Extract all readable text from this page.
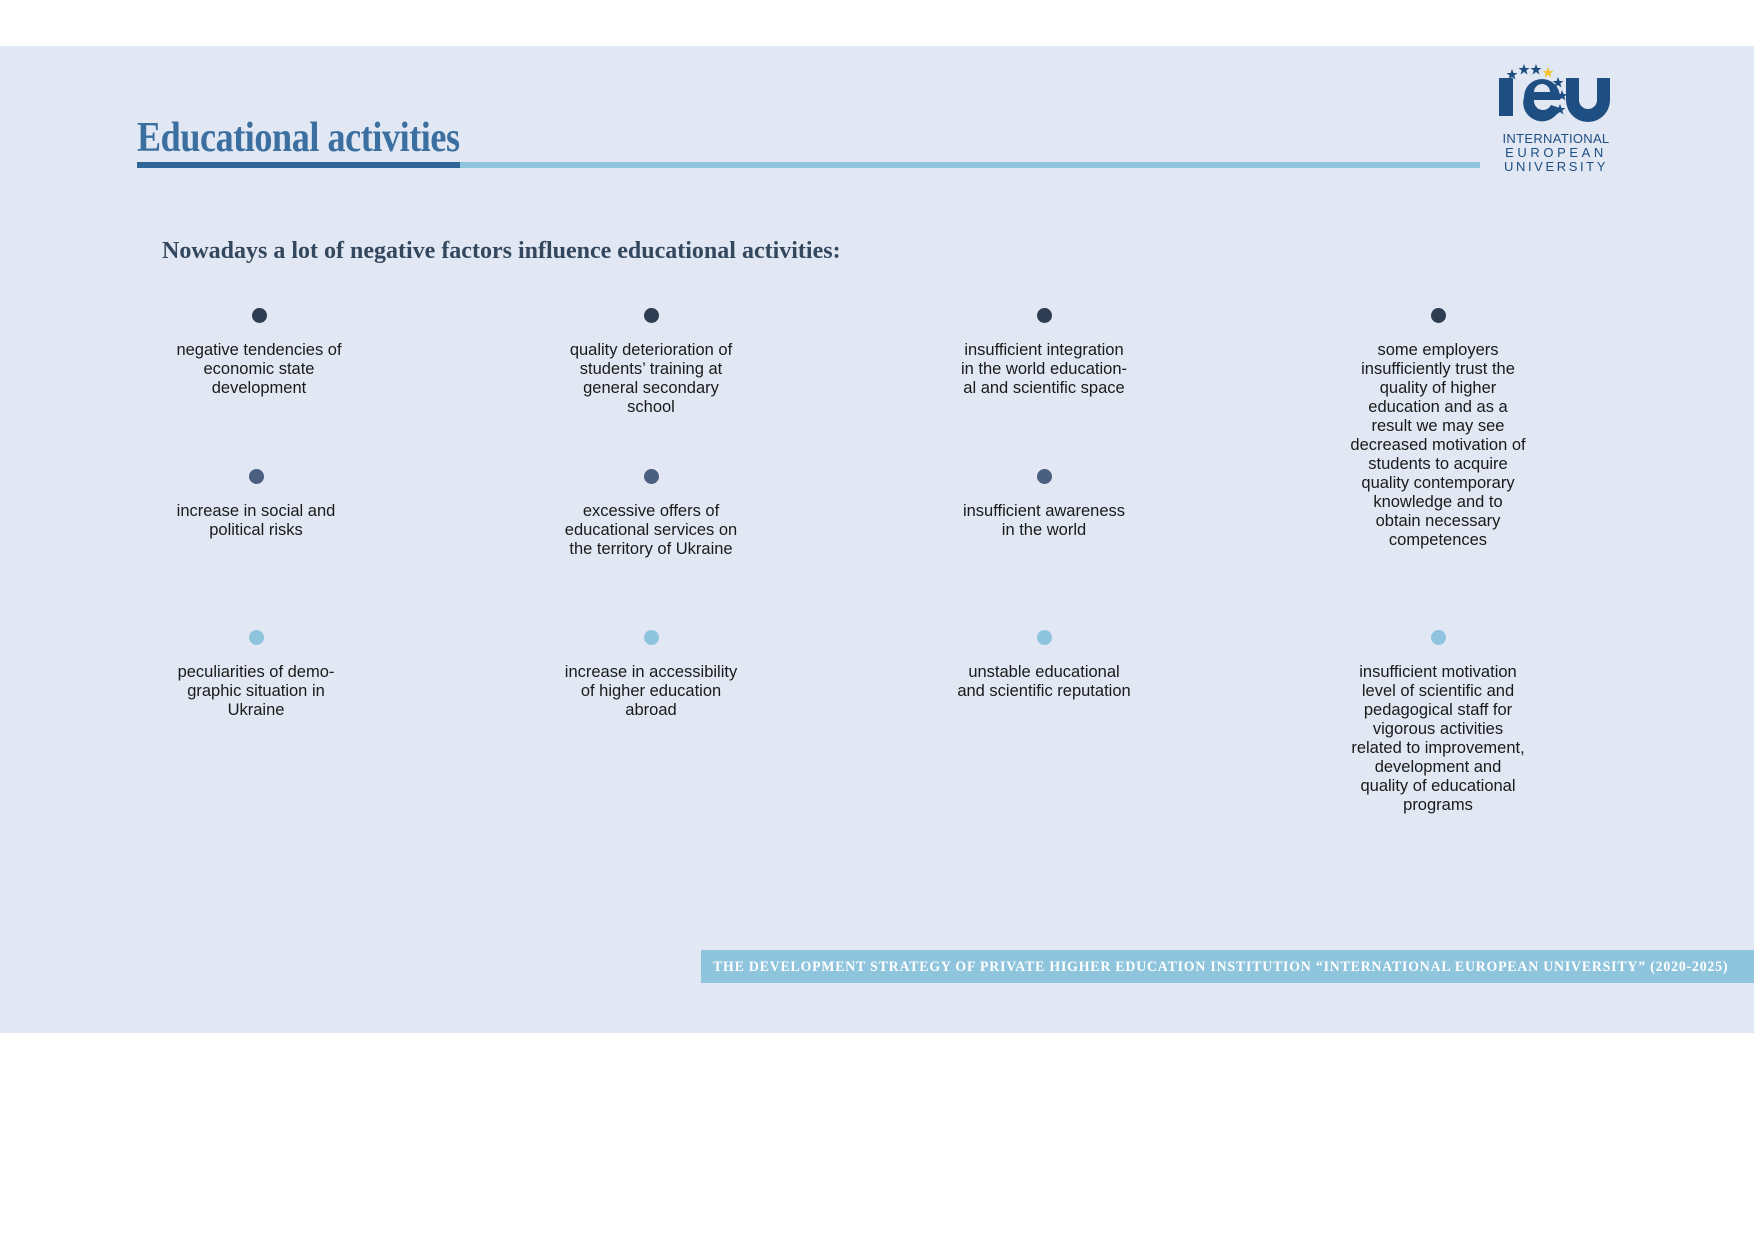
Educational activities	INTERNATIONAL
EUROPEAN
UNIVERSITY
Nowadays a lot of negative factors influence educational activities:
negative tendencies of
economic state
development
quality deterioration of
students’ training at
general secondary
school
insufficient integration
in the world education-
al and scientific space
some employers
insufficiently trust the
quality of higher
education and as a
result we may see
decreased motivation of
students to acquire
quality contemporary
knowledge and to
obtain necessary
competences
increase in social and
political risks
excessive offers of
educational services on
the territory of Ukraine
insufficient awareness
in the world
peculiarities of demo-
graphic situation in
Ukraine
increase in accessibility
of higher education
abroad
unstable educational
and scientific reputation
insufficient motivation
level of scientific and
pedagogical staff for
vigorous activities
related to improvement,
development and
quality of educational
programs
THE DEVELOPMENT STRATEGY OF PRIVATE HIGHER EDUCATION INSTITUTION “INTERNATIONAL EUROPEAN UNIVERSITY” (2020-2025)
